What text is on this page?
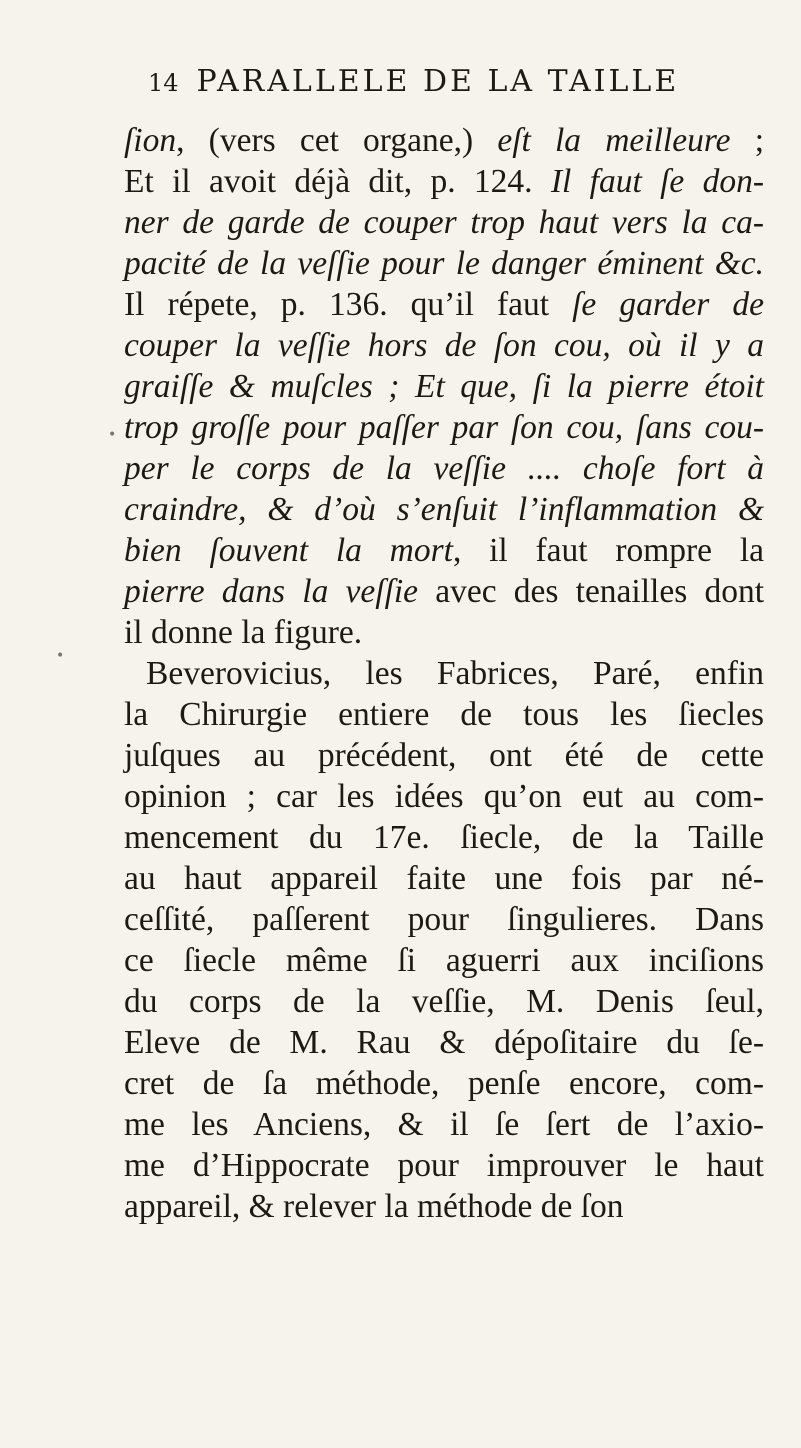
14 PARALLELE DE LA TAILLE
ſion, (vers cet organe,) eſt la meilleure ;
Et il avoit déjà dit, p. 124. Il faut ſe don-
ner de garde de couper trop haut vers la ca-
pacité de la veſſie pour le danger éminent &c.
Il répete, p. 136. qu’il faut ſe garder de
couper la veſſie hors de ſon cou, où il y a
graiſſe & muſcles ; Et que, ſi la pierre étoit
trop groſſe pour paſſer par ſon cou, ſans cou-
per le corps de la veſſie .... choſe fort à
craindre, & d’où s’enſuit l’inflammation &
bien ſouvent la mort, il faut rompre la
pierre dans la veſſie avec des tenailles dont
il donne la figure.
Beverovicius, les Fabrices, Paré, enfin
la Chirurgie entiere de tous les ſiecles
juſques au précédent, ont été de cette
opinion ; car les idées qu’on eut au com-
mencement du 17e. ſiecle, de la Taille
au haut appareil faite une fois par né-
ceſſité, paſſerent pour ſingulieres. Dans
ce ſiecle même ſi aguerri aux inciſions
du corps de la veſſie, M. Denis ſeul,
Eleve de M. Rau & dépoſitaire du ſe-
cret de ſa méthode, penſe encore, com-
me les Anciens, & il ſe ſert de l’axio-
me d’Hippocrate pour improuver le haut
appareil, & relever la méthode de ſon
•
•
